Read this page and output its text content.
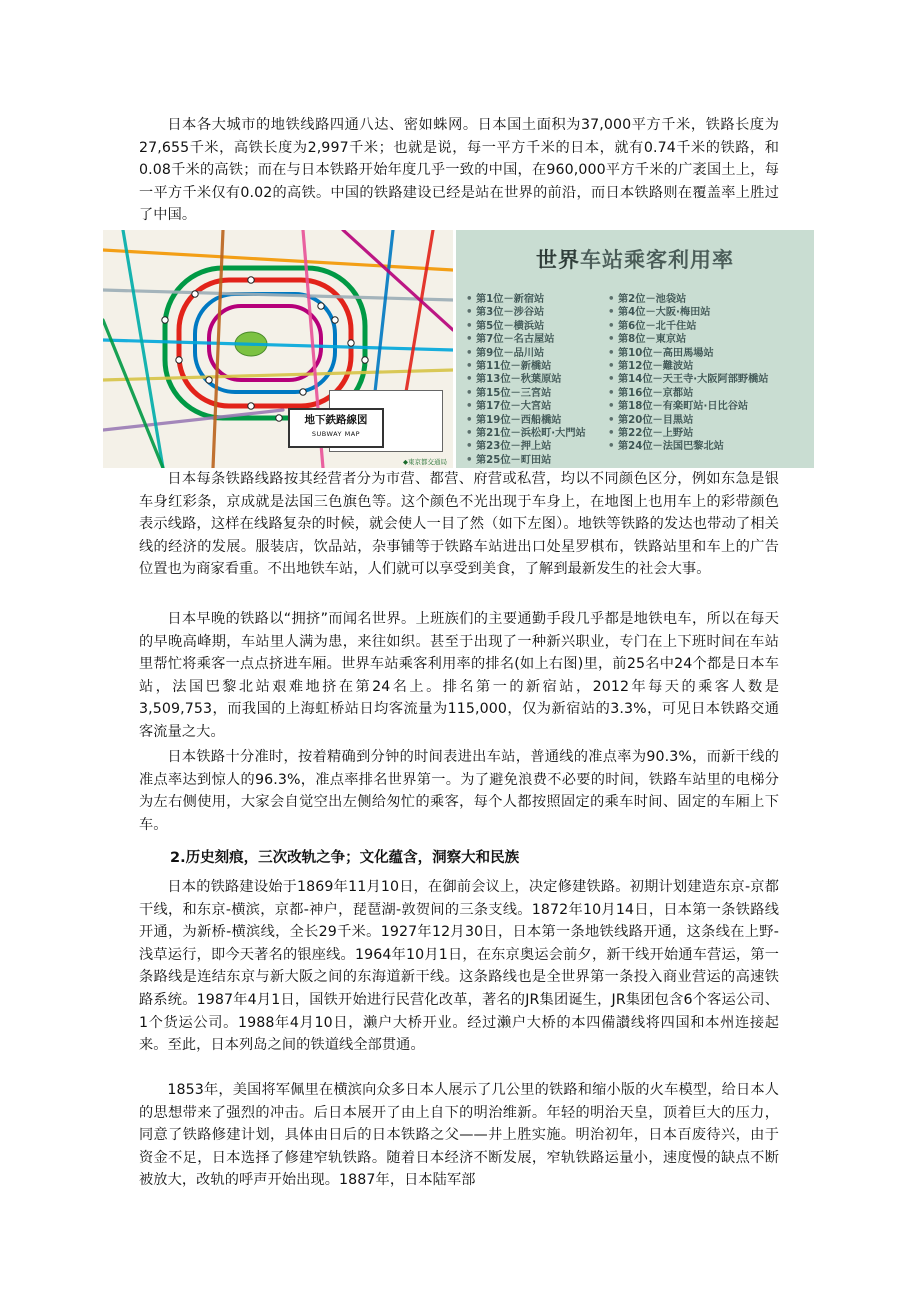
日本各大城市的地铁线路四通八达、密如蛛网。日本国土面积为37,000平方千米，铁路长度为27,655千米，高铁长度为2,997千米；也就是说，每一平方千米的日本，就有0.74千米的铁路，和0.08千米的高铁；而在与日本铁路开始年度几乎一致的中国，在960,000平方千米的广袤国土上，每一平方千米仅有0.02的高铁。中国的铁路建设已经是站在世界的前沿，而日本铁路则在覆盖率上胜过了中国。

地下鉄路線図
SUBWAY MAP
◆東京都交通局
世界车站乘客利用率
• 第1位－新宿站
• 第3位－涉谷站
• 第5位－横浜站
• 第7位－名古屋站
• 第9位－品川站
• 第11位－新橋站
• 第13位－秋葉原站
• 第15位－三宮站
• 第17位－大宮站
• 第19位－西船橋站
• 第21位－浜松町·大門站
• 第23位－押上站
• 第25位－町田站
• 第2位－池袋站
• 第4位－大阪·梅田站
• 第6位－北千住站
• 第8位－東京站
• 第10位－高田馬場站
• 第12位－難波站
• 第14位－天王寺·大阪阿部野橋站
• 第16位－京都站
• 第18位－有楽町站·日比谷站
• 第20位－目黒站
• 第22位－上野站
• 第24位－法国巴黎北站

日本每条铁路线路按其经营者分为市营、都营、府营或私营，均以不同颜色区分，例如东急是银车身红彩条，京成就是法国三色旗色等。这个颜色不光出现于车身上，在地图上也用车上的彩带颜色表示线路，这样在线路复杂的时候，就会使人一目了然（如下左图）。地铁等铁路的发达也带动了相关线的经济的发展。服装店，饮品站，杂事铺等于铁路车站进出口处星罗棋布，铁路站里和车上的广告位置也为商家看重。不出地铁车站，人们就可以享受到美食，了解到最新发生的社会大事。

日本早晚的铁路以“拥挤”而闻名世界。上班族们的主要通勤手段几乎都是地铁电车，所以在每天的早晚高峰期，车站里人满为患，来往如织。甚至于出现了一种新兴职业，专门在上下班时间在车站里帮忙将乘客一点点挤进车厢。世界车站乘客利用率的排名(如上右图)里，前25名中24个都是日本车站，法国巴黎北站艰难地挤在第24名上。排名第一的新宿站，2012年每天的乘客人数是3,509,753，而我国的上海虹桥站日均客流量为115,000，仅为新宿站的3.3%，可见日本铁路交通客流量之大。

日本铁路十分准时，按着精确到分钟的时间表进出车站，普通线的准点率为90.3%，而新干线的准点率达到惊人的96.3%，准点率排名世界第一。为了避免浪费不必要的时间，铁路车站里的电梯分为左右侧使用，大家会自觉空出左侧给匆忙的乘客，每个人都按照固定的乘车时间、固定的车厢上下车。

2.历史刻痕，三次改轨之争；文化蕴含，洞察大和民族

日本的铁路建设始于1869年11月10日，在御前会议上，决定修建铁路。初期计划建造东京-京都干线，和东京-横滨，京都-神户，琵琶湖-敦贺间的三条支线。1872年10月14日，日本第一条铁路线开通，为新桥-横滨线，全长29千米。1927年12月30日，日本第一条地铁线路开通，这条线在上野-浅草运行，即今天著名的银座线。1964年10月1日，在东京奥运会前夕，新干线开始通车营运，第一条路线是连结东京与新大阪之间的东海道新干线。这条路线也是全世界第一条投入商业营运的高速铁路系统。1987年4月1日，国铁开始进行民营化改革，著名的JR集团诞生，JR集团包含6个客运公司、1个货运公司。1988年4月10日，濑户大桥开业。经过濑户大桥的本四備讃线将四国和本州连接起来。至此，日本列岛之间的铁道线全部贯通。

1853年，美国将军佩里在横滨向众多日本人展示了几公里的铁路和缩小版的火车模型，给日本人的思想带来了强烈的冲击。后日本展开了由上自下的明治维新。年轻的明治天皇，顶着巨大的压力，同意了铁路修建计划，具体由日后的日本铁路之父——井上胜实施。明治初年，日本百废待兴，由于资金不足，日本选择了修建窄轨铁路。随着日本经济不断发展，窄轨铁路运量小，速度慢的缺点不断被放大，改轨的呼声开始出现。1887年，日本陆军部
